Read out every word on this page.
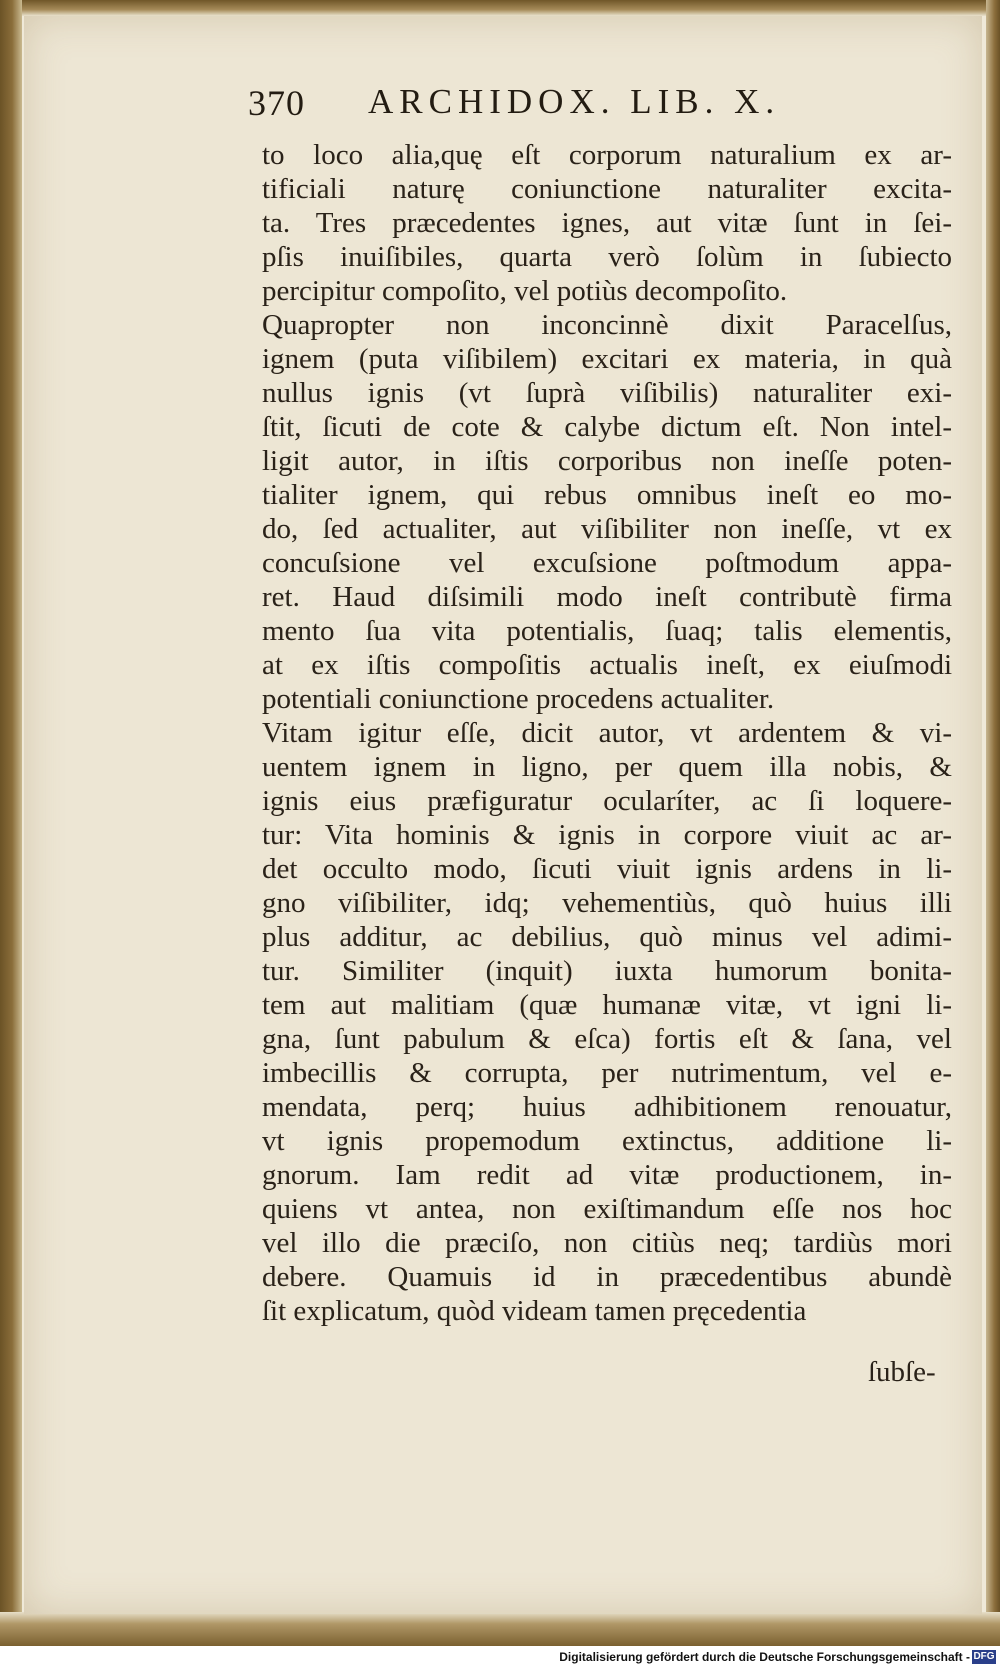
370 ARCHIDOX. LIB. X.
to loco alia,quę eſt corporum naturalium ex ar-
tificiali naturę coniunctione naturaliter excita-
ta. Tres præcedentes ignes, aut vitæ ſunt in ſei-
pſis inuiſibiles, quarta verò ſolùm in ſubiecto
percipitur compoſito, vel potiùs decompoſito.
Quapropter non inconcinnè dixit Paracelſus,
ignem (puta viſibilem) excitari ex materia, in quà
nullus ignis (vt ſuprà viſibilis) naturaliter exi-
ſtit, ſicuti de cote & calybe dictum eſt. Non intel-
ligit autor, in iſtis corporibus non ineſſe poten-
tialiter ignem, qui rebus omnibus ineſt eo mo-
do, ſed actualiter, aut viſibiliter non ineſſe, vt ex
concuſsione vel excuſsione poſtmodum appa-
ret. Haud diſsimili modo ineſt contributè firma
mento ſua vita potentialis, ſuaq; talis elementis,
at ex iſtis compoſitis actualis ineſt, ex eiuſmodi
potentiali coniunctione procedens actualiter.
Vitam igitur eſſe, dicit autor, vt ardentem & vi-
uentem ignem in ligno, per quem illa nobis, &
ignis eius præfiguratur ocularíter, ac ſi loquere-
tur: Vita hominis & ignis in corpore viuit ac ar-
det occulto modo, ſicuti viuit ignis ardens in li-
gno viſibiliter, idq; vehementiùs, quò huius illi
plus additur, ac debilius, quò minus vel adimi-
tur. Similiter (inquit) iuxta humorum bonita-
tem aut malitiam (quæ humanæ vitæ, vt igni li-
gna, ſunt pabulum & eſca) fortis eſt & ſana, vel
imbecillis & corrupta, per nutrimentum, vel e-
mendata, perq; huius adhibitionem renouatur,
vt ignis propemodum extinctus, additione li-
gnorum. Iam redit ad vitæ productionem, in-
quiens vt antea, non exiſtimandum eſſe nos hoc
vel illo die præciſo, non citiùs neq; tardiùs mori
debere. Quamuis id in præcedentibus abundè
ſit explicatum, quòd videam tamen pręcedentia
ſubſe-
Digitalisierung gefördert durch die Deutsche Forschungsgemeinschaft - DFG
